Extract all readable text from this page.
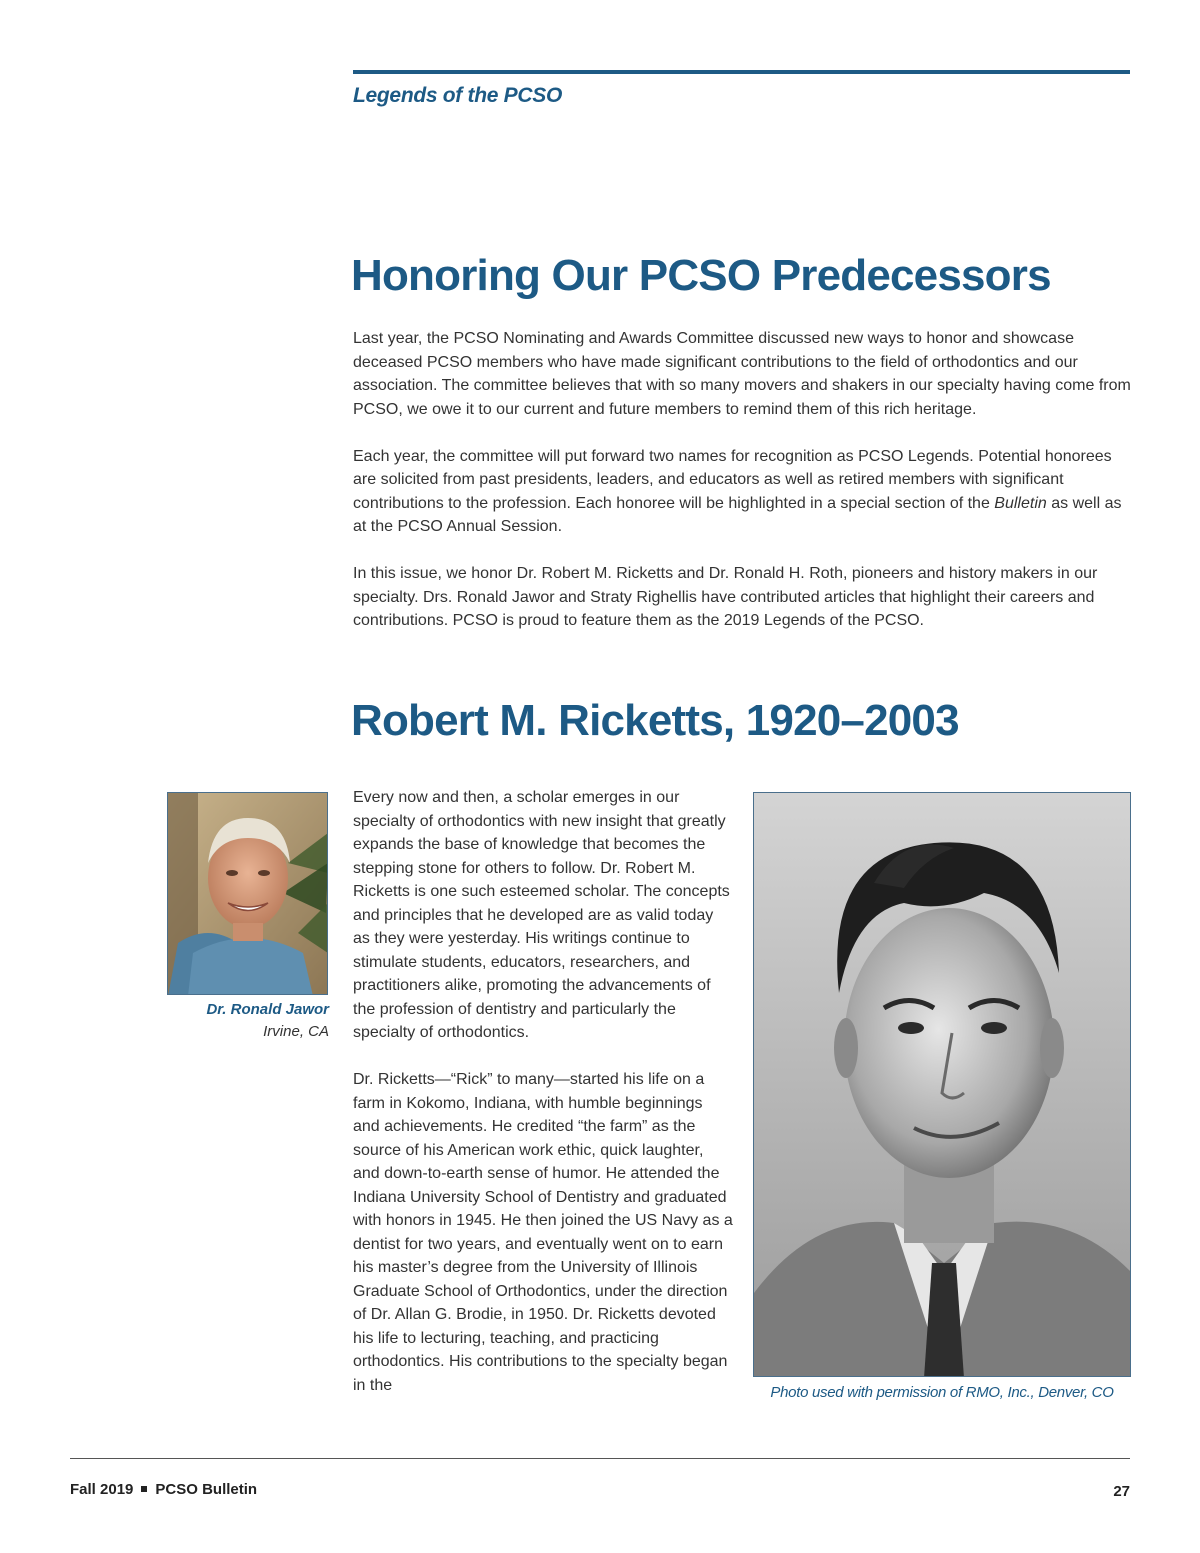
Legends of the PCSO
Honoring Our PCSO Predecessors

Last year, the PCSO Nominating and Awards Committee discussed new ways to honor and showcase deceased PCSO members who have made significant contributions to the field of orthodontics and our association. The committee believes that with so many movers and shakers in our specialty having come from PCSO, we owe it to our current and future members to remind them of this rich heritage.

Each year, the committee will put forward two names for recognition as PCSO Legends. Potential honorees are solicited from past presidents, leaders, and educators as well as retired members with significant contributions to the profession. Each honoree will be highlighted in a special section of the Bulletin as well as at the PCSO Annual Session.

In this issue, we honor Dr. Robert M. Ricketts and Dr. Ronald H. Roth, pioneers and history makers in our specialty. Drs. Ronald Jawor and Straty Righellis have contributed articles that highlight their careers and contributions. PCSO is proud to feature them as the 2019 Legends of the PCSO.

Robert M. Ricketts, 1920–2003
Dr. Ronald Jawor
Irvine, CA

Every now and then, a scholar emerges in our specialty of orthodontics with new insight that greatly expands the base of knowledge that becomes the stepping stone for others to follow. Dr. Robert M. Ricketts is one such esteemed scholar. The concepts and principles that he developed are as valid today as they were yesterday. His writings continue to stimulate students, educators, researchers, and practitioners alike, promoting the advancements of the profession of dentistry and particularly the specialty of orthodontics.

Dr. Ricketts—“Rick” to many—started his life on a farm in Kokomo, Indiana, with humble beginnings and achievements. He credited “the farm” as the source of his American work ethic, quick laughter, and down-to-earth sense of humor. He attended the Indiana University School of Dentistry and graduated with honors in 1945. He then joined the US Navy as a dentist for two years, and eventually went on to earn his master’s degree from the University of Illinois Graduate School of Orthodontics, under the direction of Dr. Allan G. Brodie, in 1950. Dr. Ricketts devoted his life to lecturing, teaching, and practicing orthodontics. His contributions to the specialty began in the	Photo used with permission of RMO, Inc., Denver, CO
Fall 2019 PCSO Bulletin	27
